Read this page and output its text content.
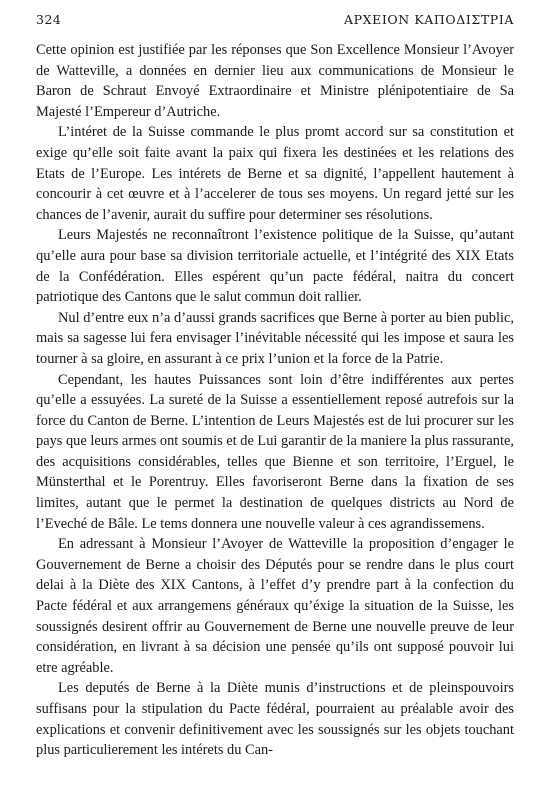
324	ΑΡΧΕΙΟΝ ΚΑΠΟΔΙΣΤΡΙΑ

Cette opinion est justifiée par les réponses que Son Excellence Monsieur l’Avoyer de Watteville, a données en dernier lieu aux communications de Monsieur le Baron de Schraut Envoyé Extraordinaire et Ministre plénipotentiaire de Sa Majesté l’Empereur d’Autriche.

L’intéret de la Suisse commande le plus promt accord sur sa constitution et exige qu’elle soit faite avant la paix qui fixera les destinées et les relations des Etats de l’Europe. Les intérets de Berne et sa dignité, l’appellent hautement à concourir à cet œuvre et à l’accelerer de tous ses moyens. Un regard jetté sur les chances de l’avenir, aurait du suffire pour determiner ses résolutions.

Leurs Majestés ne reconnaîtront l’existence politique de la Suisse, qu’autant qu’elle aura pour base sa division territoriale actuelle, et l’intégrité des XIX Etats de la Confédération. Elles espérent qu’un pacte fédéral, naitra du concert patriotique des Cantons que le salut commun doit rallier.

Nul d’entre eux n’a d’aussi grands sacrifices que Berne à porter au bien public, mais sa sagesse lui fera envisager l’inévitable nécessité qui les impose et saura les tourner à sa gloire, en assurant à ce prix l’union et la force de la Patrie.

Cependant, les hautes Puissances sont loin d’être indifférentes aux pertes qu’elle a essuyées. La sureté de la Suisse a essentiellement reposé autrefois sur la force du Canton de Berne. L’intention de Leurs Majestés est de lui procurer sur les pays que leurs armes ont soumis et de Lui garantir de la maniere la plus rassurante, des acquisitions considérables, telles que Bienne et son territoire, l’Erguel, le Münsterthal et le Porentruy. Elles favoriseront Berne dans la fixation de ses limites, autant que le permet la destination de quelques districts au Nord de l’Eveché de Bâle. Le tems donnera une nouvelle valeur à ces agrandissemens.

En adressant à Monsieur l’Avoyer de Watteville la proposition d’engager le Gouvernement de Berne a choisir des Députés pour se rendre dans le plus court delai à la Diète des XIX Cantons, à l’effet d’y prendre part à la confection du Pacte fédéral et aux arrangemens généraux qu’éxige la situation de la Suisse, les soussignés desirent offrir au Gouvernement de Berne une nouvelle preuve de leur considération, en livrant à sa décision une pensée qu’ils ont supposé pouvoir lui etre agréable.

Les deputés de Berne à la Diète munis d’instructions et de pleinspouvoirs suffisans pour la stipulation du Pacte fédéral, pourraient au préalable avoir des explications et convenir definitivement avec les soussignés sur les objets touchant plus particulierement les intérets du Can-
